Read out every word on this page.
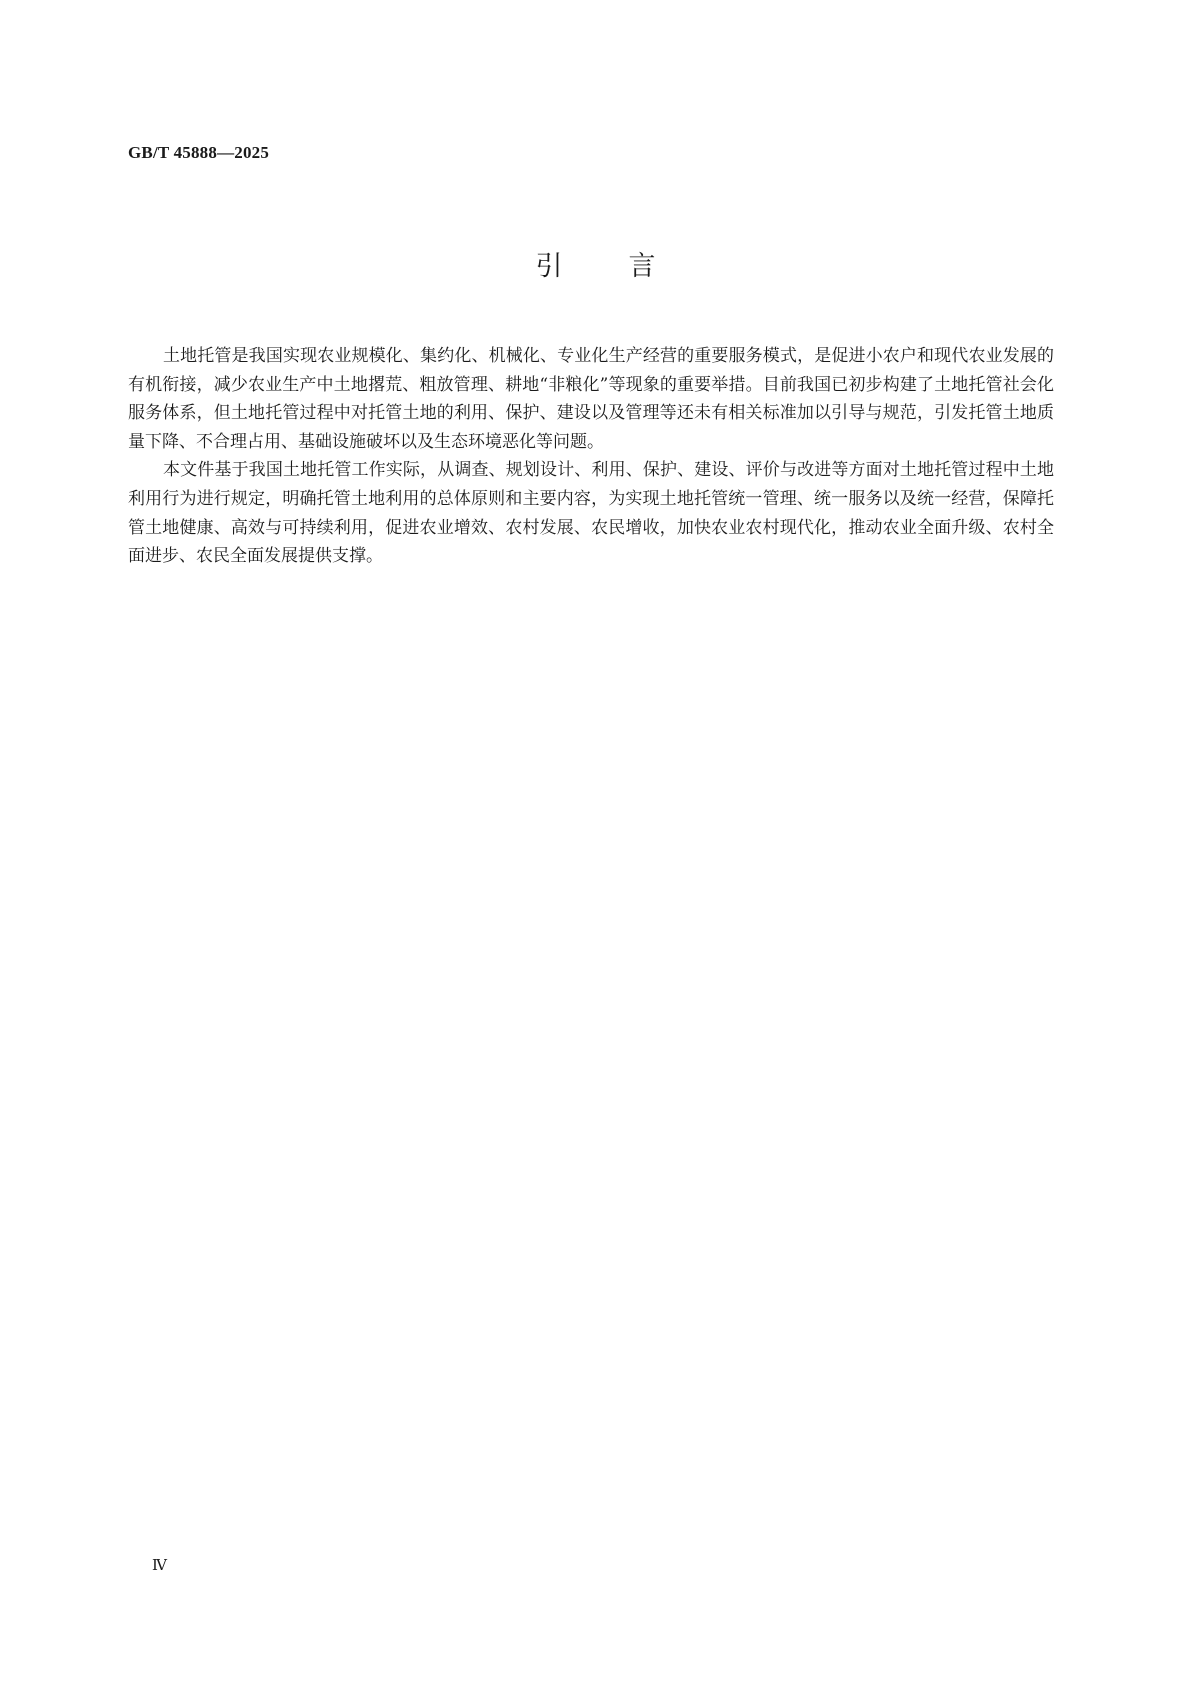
GB/T 45888—2025
引言

土地托管是我国实现农业规模化、集约化、机械化、专业化生产经营的重要服务模式，是促进小农户和现代农业发展的有机衔接，减少农业生产中土地撂荒、粗放管理、耕地“非粮化”等现象的重要举措。目前我国已初步构建了土地托管社会化服务体系，但土地托管过程中对托管土地的利用、保护、建设以及管理等还未有相关标准加以引导与规范，引发托管土地质量下降、不合理占用、基础设施破坏以及生态环境恶化等问题。

本文件基于我国土地托管工作实际，从调查、规划设计、利用、保护、建设、评价与改进等方面对土地托管过程中土地利用行为进行规定，明确托管土地利用的总体原则和主要内容，为实现土地托管统一管理、统一服务以及统一经营，保障托管土地健康、高效与可持续利用，促进农业增效、农村发展、农民增收，加快农业农村现代化，推动农业全面升级、农村全面进步、农民全面发展提供支撑。

Ⅳ
